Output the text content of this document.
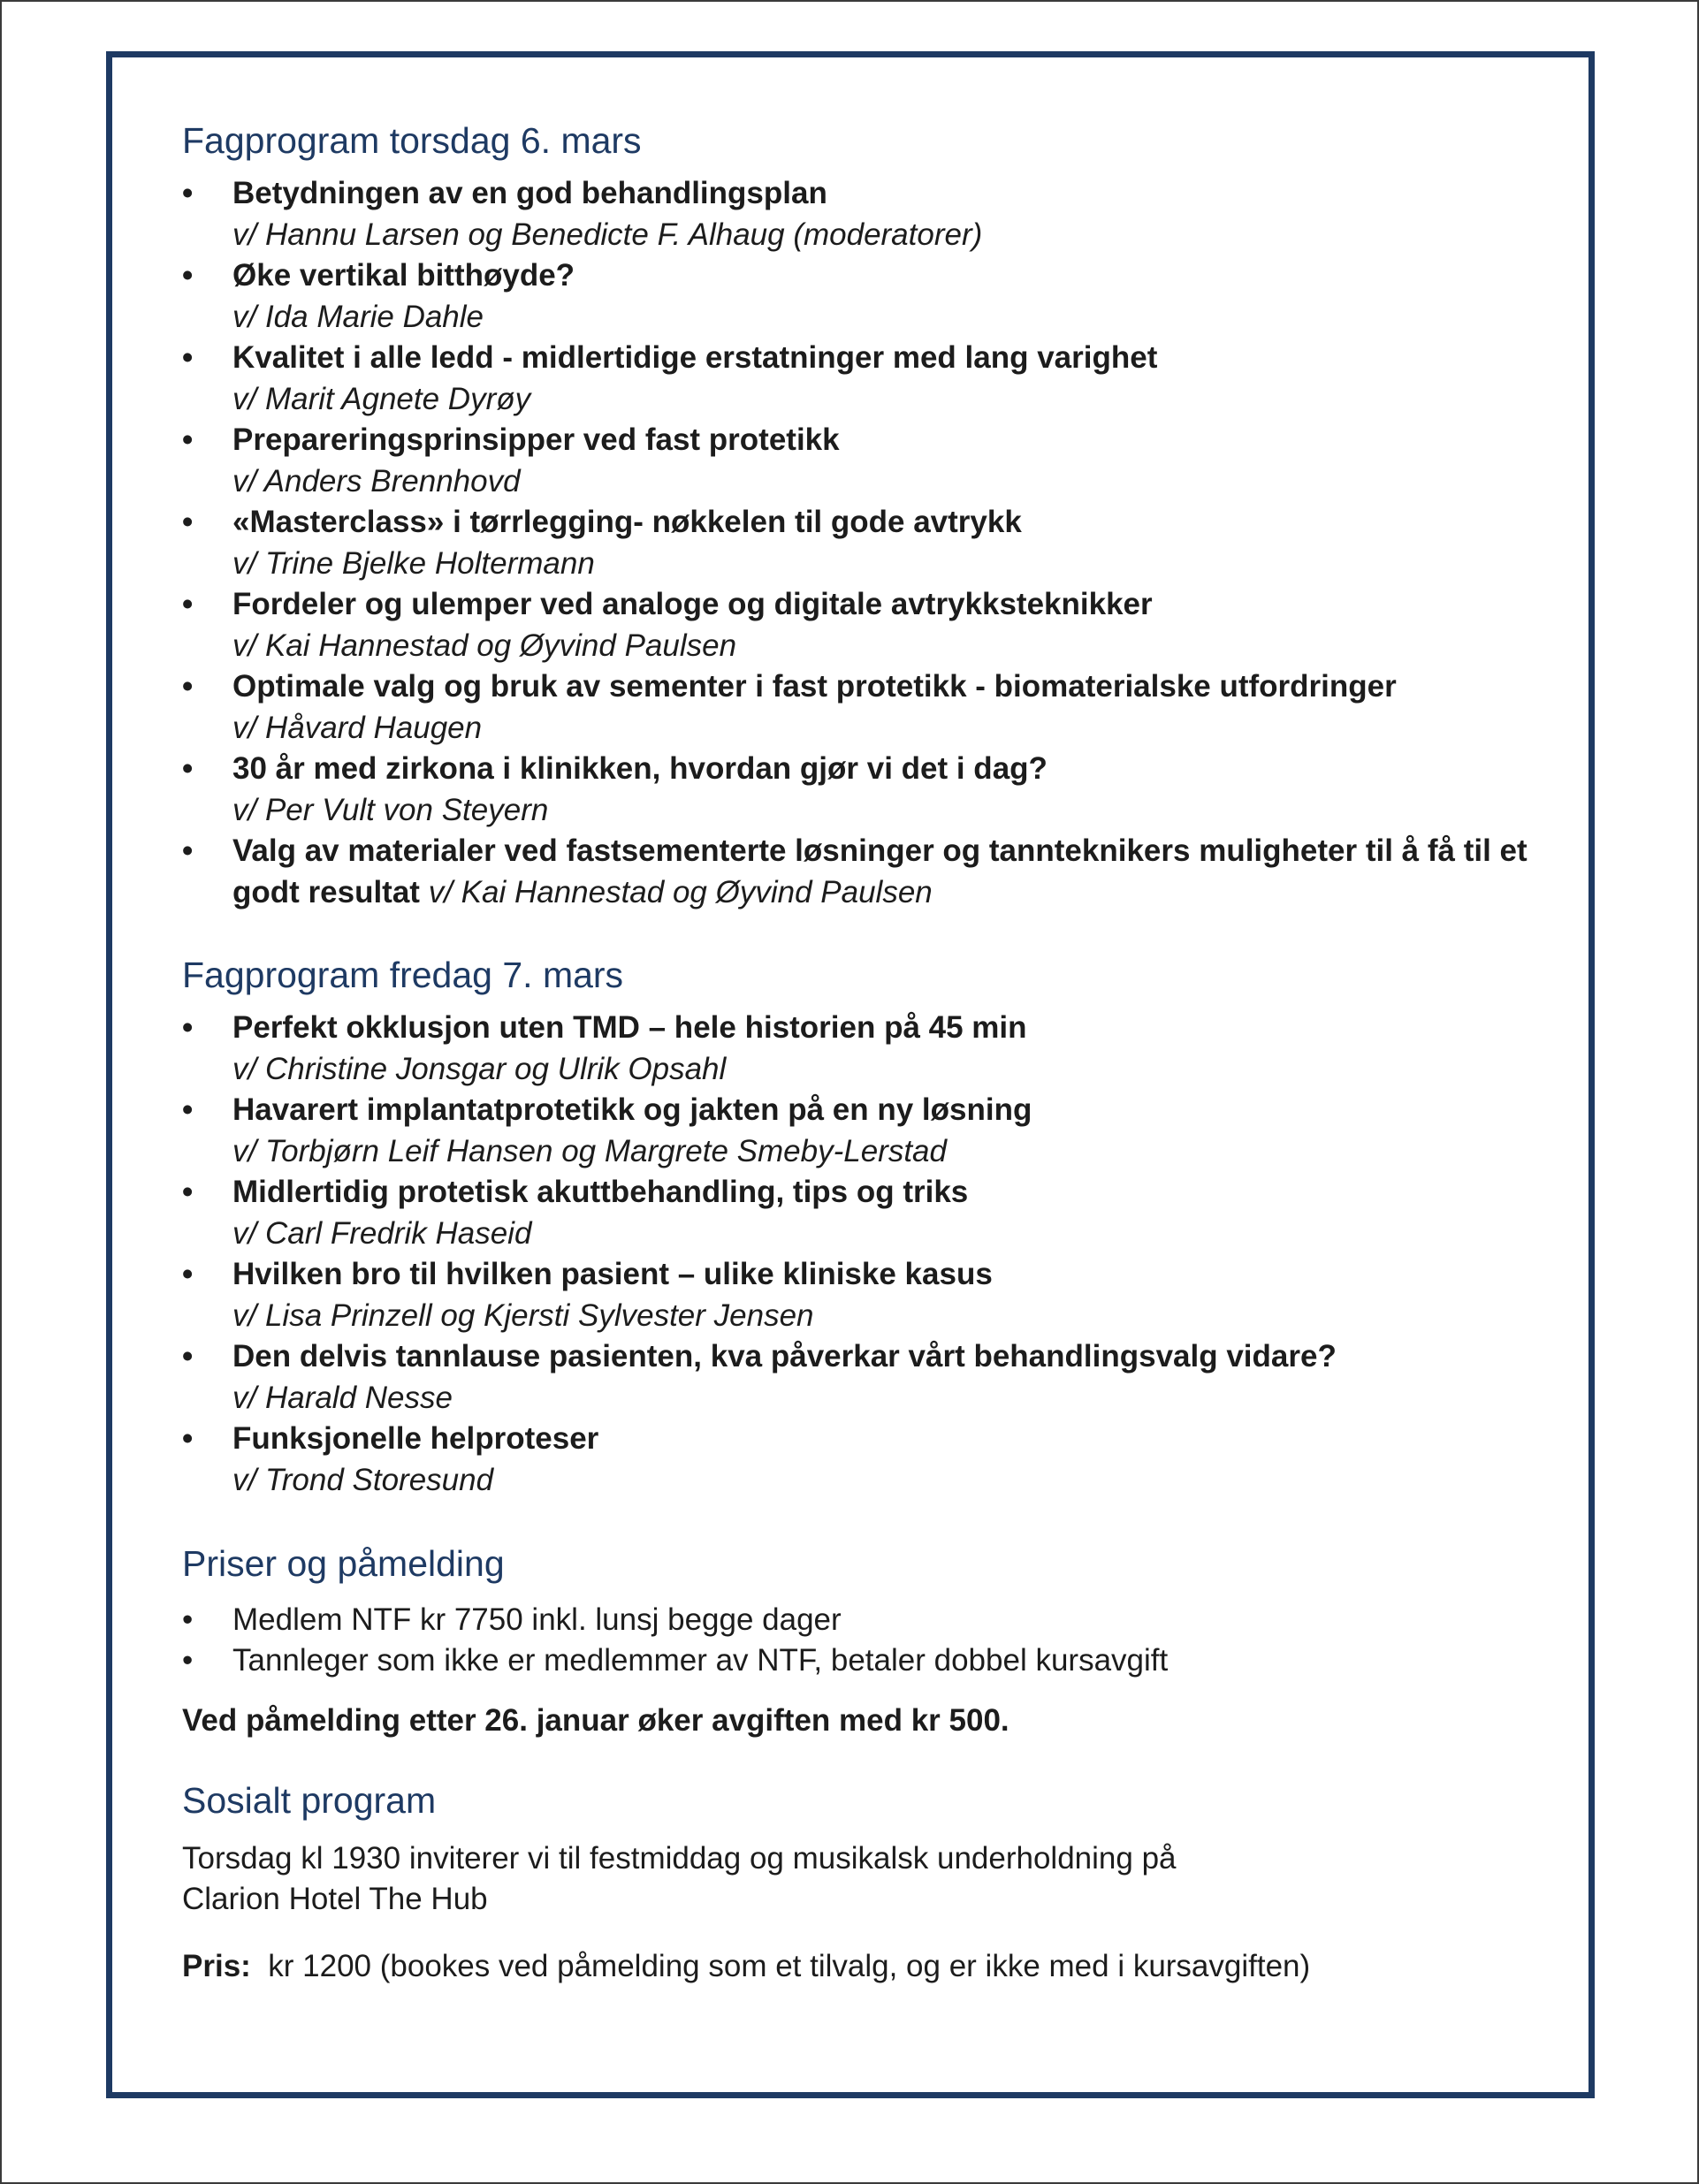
Fagprogram torsdag 6. mars
• Betydningen av en god behandlingsplan
v/ Hannu Larsen og Benedicte F. Alhaug (moderatorer)
• Øke vertikal bitthøyde?
v/ Ida Marie Dahle
• Kvalitet i alle ledd - midlertidige erstatninger med lang varighet
v/ Marit Agnete Dyrøy
• Prepareringsprinsipper ved fast protetikk
v/ Anders Brennhovd
• «Masterclass» i tørrlegging- nøkkelen til gode avtrykk
v/ Trine Bjelke Holtermann
• Fordeler og ulemper ved analoge og digitale avtrykksteknikker
v/ Kai Hannestad og Øyvind Paulsen
• Optimale valg og bruk av sementer i fast protetikk - biomaterialske utfordringer
v/ Håvard Haugen
• 30 år med zirkona i klinikken, hvordan gjør vi det i dag?
v/ Per Vult von Steyern
• Valg av materialer ved fastsementerte løsninger og tannteknikers muligheter til å få til et godt resultat v/ Kai Hannestad og Øyvind Paulsen
Fagprogram fredag 7. mars
• Perfekt okklusjon uten TMD – hele historien på 45 min
v/ Christine Jonsgar og Ulrik Opsahl
• Havarert implantatprotetikk og jakten på en ny løsning
v/ Torbjørn Leif Hansen og Margrete Smeby-Lerstad
• Midlertidig protetisk akuttbehandling, tips og triks
v/ Carl Fredrik Haseid
• Hvilken bro til hvilken pasient – ulike kliniske kasus
v/ Lisa Prinzell og Kjersti Sylvester Jensen
• Den delvis tannlause pasienten, kva påverkar vårt behandlingsvalg vidare?
v/ Harald Nesse
• Funksjonelle helproteser
v/ Trond Storesund
Priser og påmelding
• Medlem NTF kr 7750 inkl. lunsj begge dager
• Tannleger som ikke er medlemmer av NTF, betaler dobbel kursavgift

Ved påmelding etter 26. januar øker avgiften med kr 500.

Sosialt program

Torsdag kl 1930 inviterer vi til festmiddag og musikalsk underholdning på
Clarion Hotel The Hub

Pris: kr 1200 (bookes ved påmelding som et tilvalg, og er ikke med i kursavgiften)
